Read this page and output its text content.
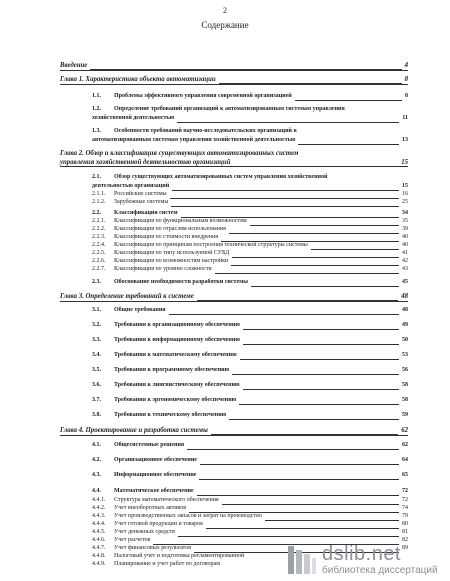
2
Содержание
Введение	4
Глава 1. Характеристика объекта автоматизации	8
1.1. Проблемы эффективного управления современной организацией	8
1.2. Определение требований организаций к автоматизированным системам управления
хозяйственной деятельностью	11
1.3. Особенности требований научно-исследовательских организаций к
автоматизированным системам управления хозяйственной деятельностью	13
Глава 2. Обзор и классификация существующих автоматизированных систем
управления хозяйственной деятельностью организаций	15
2.1. Обзор существующих автоматизированных систем управления хозяйственной
деятельностью организаций	15
2.1.1. Российские системы	16
2.1.2. Зарубежные системы	25
2.2. Классификация систем	34
2.2.1. Классификация по функциональным возможностям	35
2.2.2. Классификация по отраслям использования	39
2.2.3. Классификация по стоимости внедрения	40
2.2.4. Классификация по принципам построения технической структуры системы	40
2.2.5. Классификация по типу используемой СУБД	41
2.2.6. Классификация по возможностям настройки	42
2.2.7. Классификация по уровню сложности	43
2.3. Обоснование необходимости разработки системы	45
Глава 3. Определение требований к системе	48
3.1. Общие требования	48
3.2. Требования к организационному обеспечению	49
3.3. Требования к информационному обеспечению	50
3.4. Требования к математическому обеспечению	53
3.5. Требования к программному обеспечению	56
3.6. Требования к лингвистическому обеспечению	58
3.7. Требования к эргономическому обеспечению	58
3.8. Требования к техническому обеспечению	59
Глава 4. Проектирование и разработка системы	62
4.1. Общесистемные решения	62
4.2. Организационное обеспечение	64
4.3. Информационное обеспечение	65
4.4. Математическое обеспечение	72
4.4.1. Структура математического обеспечения	72
4.4.2. Учет внеоборотных активов	74
4.4.3. Учет производственных запасов и затрат на производство	79
4.4.4. Учет готовой продукции и товаров	80
4.4.5. Учет денежных средств	81
4.4.6. Учет расчетов	82
4.4.7. Учет финансовых результатов	89
4.4.8. Налоговый учет и подготовка регламентированной
4.4.9. Планирование и учет работ по договорам	dslib.net
библиотека диссертаций
